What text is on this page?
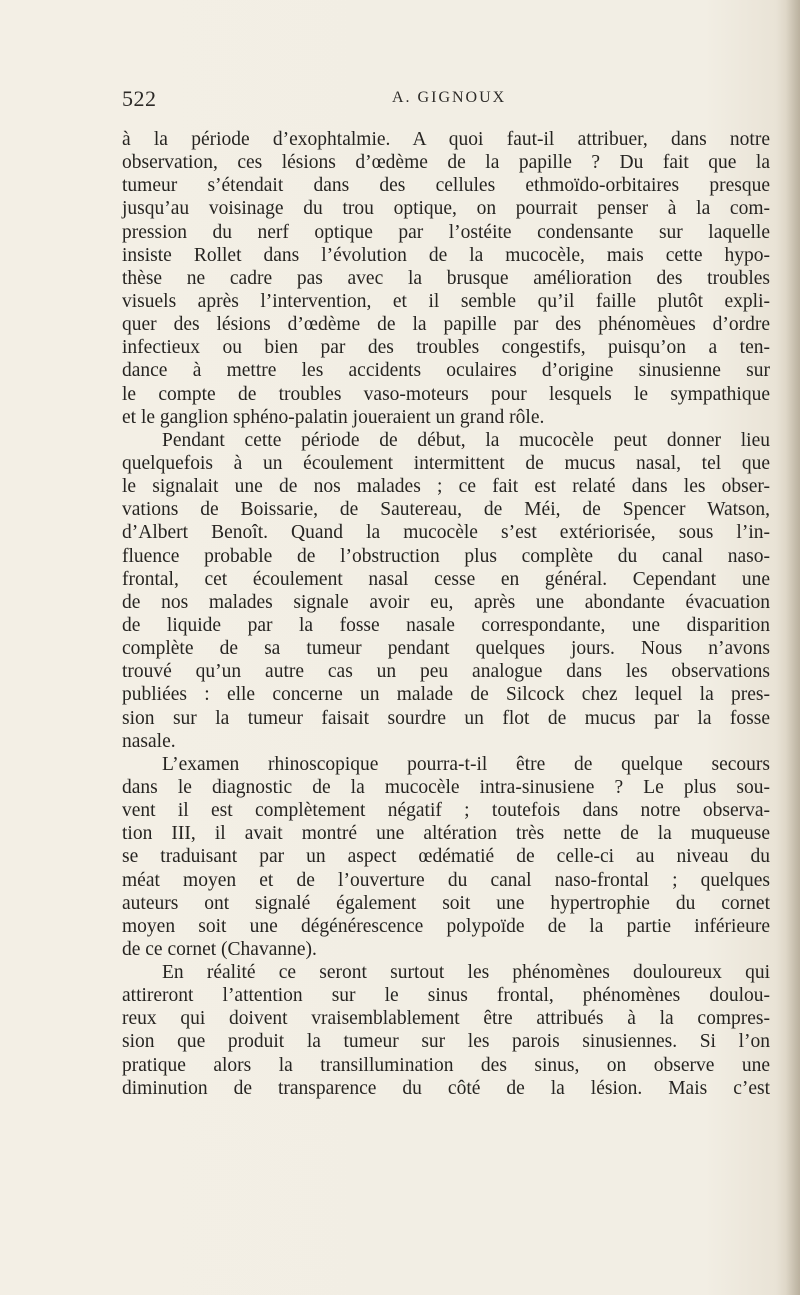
522	A. GIGNOUX
à la période d’exophtalmie. A quoi faut-il attribuer, dans notre
observation, ces lésions d’œdème de la papille ? Du fait que la
tumeur s’étendait dans des cellules ethmoïdo-orbitaires presque
jusqu’au voisinage du trou optique, on pourrait penser à la com-
pression du nerf optique par l’ostéite condensante sur laquelle
insiste Rollet dans l’évolution de la mucocèle, mais cette hypo-
thèse ne cadre pas avec la brusque amélioration des troubles
visuels après l’intervention, et il semble qu’il faille plutôt expli-
quer des lésions d’œdème de la papille par des phénomèues d’ordre
infectieux ou bien par des troubles congestifs, puisqu’on a ten-
dance à mettre les accidents oculaires d’origine sinusienne sur
le compte de troubles vaso-moteurs pour lesquels le sympathique
et le ganglion sphéno-palatin joueraient un grand rôle.
Pendant cette période de début, la mucocèle peut donner lieu
quelquefois à un écoulement intermittent de mucus nasal, tel que
le signalait une de nos malades ; ce fait est relaté dans les obser-
vations de Boissarie, de Sautereau, de Méi, de Spencer Watson,
d’Albert Benoît. Quand la mucocèle s’est extériorisée, sous l’in-
fluence probable de l’obstruction plus complète du canal naso-
frontal, cet écoulement nasal cesse en général. Cependant une
de nos malades signale avoir eu, après une abondante évacuation
de liquide par la fosse nasale correspondante, une disparition
complète de sa tumeur pendant quelques jours. Nous n’avons
trouvé qu’un autre cas un peu analogue dans les observations
publiées : elle concerne un malade de Silcock chez lequel la pres-
sion sur la tumeur faisait sourdre un flot de mucus par la fosse
nasale.
L’examen rhinoscopique pourra-t-il être de quelque secours
dans le diagnostic de la mucocèle intra-sinusiene ? Le plus sou-
vent il est complètement négatif ; toutefois dans notre observa-
tion III, il avait montré une altération très nette de la muqueuse
se traduisant par un aspect œdématié de celle-ci au niveau du
méat moyen et de l’ouverture du canal naso-frontal ; quelques
auteurs ont signalé également soit une hypertrophie du cornet
moyen soit une dégénérescence polypoïde de la partie inférieure
de ce cornet (Chavanne).
En réalité ce seront surtout les phénomènes douloureux qui
attireront l’attention sur le sinus frontal, phénomènes doulou-
reux qui doivent vraisemblablement être attribués à la compres-
sion que produit la tumeur sur les parois sinusiennes. Si l’on
pratique alors la transillumination des sinus, on observe une
diminution de transparence du côté de la lésion. Mais c’est
